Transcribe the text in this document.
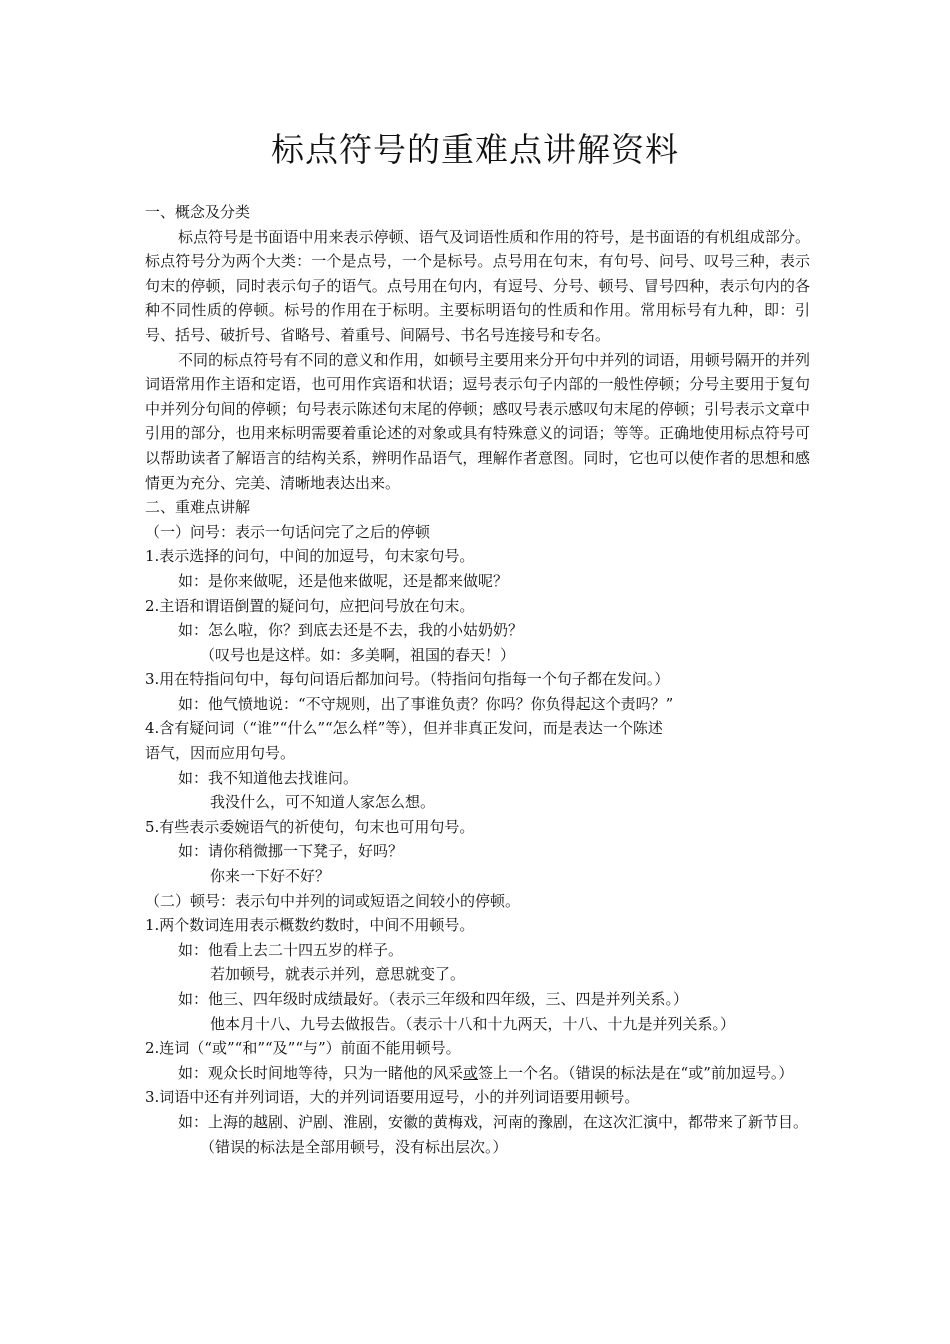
标点符号的重难点讲解资料
一、概念及分类
标点符号是书面语中用来表示停顿、语气及词语性质和作用的符号，是书面语的有机组成部分。标点符号分为两个大类：一个是点号，一个是标号。点号用在句末，有句号、问号、叹号三种，表示句末的停顿，同时表示句子的语气。点号用在句内，有逗号、分号、顿号、冒号四种，表示句内的各种不同性质的停顿。标号的作用在于标明。主要标明语句的性质和作用。常用标号有九种，即：引号、括号、破折号、省略号、着重号、间隔号、书名号连接号和专名。
不同的标点符号有不同的意义和作用，如顿号主要用来分开句中并列的词语，用顿号隔开的并列词语常用作主语和定语，也可用作宾语和状语；逗号表示句子内部的一般性停顿；分号主要用于复句中并列分句间的停顿；句号表示陈述句末尾的停顿；感叹号表示感叹句末尾的停顿；引号表示文章中引用的部分，也用来标明需要着重论述的对象或具有特殊意义的词语；等等。正确地使用标点符号可以帮助读者了解语言的结构关系，辨明作品语气，理解作者意图。同时，它也可以使作者的思想和感情更为充分、完美、清晰地表达出来。
二、重难点讲解
（一）问号：表示一句话问完了之后的停顿
1.表示选择的问句，中间的加逗号，句末家句号。
如：是你来做呢，还是他来做呢，还是都来做呢？
2.主语和谓语倒置的疑问句，应把问号放在句末。
如：怎么啦，你？到底去还是不去，我的小姑奶奶？
（叹号也是这样。如：多美啊，祖国的春天！）
3.用在特指问句中，每句问语后都加问号。（特指问句指每一个句子都在发问。）
如：他气愤地说：“不守规则，出了事谁负责？你吗？你负得起这个责吗？”
4.含有疑问词（“谁”“什么”“怎么样”等），但并非真正发问，而是表达一个陈述
语气，因而应用句号。
如：我不知道他去找谁问。
我没什么，可不知道人家怎么想。
5.有些表示委婉语气的祈使句，句末也可用句号。
如：请你稍微挪一下凳子，好吗？
你来一下好不好？
（二）顿号：表示句中并列的词或短语之间较小的停顿。
1.两个数词连用表示概数约数时，中间不用顿号。
如：他看上去二十四五岁的样子。
若加顿号，就表示并列，意思就变了。
如：他三、四年级时成绩最好。（表示三年级和四年级，三、四是并列关系。）
他本月十八、九号去做报告。（表示十八和十九两天，十八、十九是并列关系。）
2.连词（“或”“和”“及”“与”）前面不能用顿号。
如：观众长时间地等待，只为一睹他的风采或签上一个名。（错误的标法是在“或”前加逗号。）
3.词语中还有并列词语，大的并列词语要用逗号，小的并列词语要用顿号。
如：上海的越剧、沪剧、淮剧，安徽的黄梅戏，河南的豫剧，在这次汇演中，都带来了新节目。
（错误的标法是全部用顿号，没有标出层次。）
